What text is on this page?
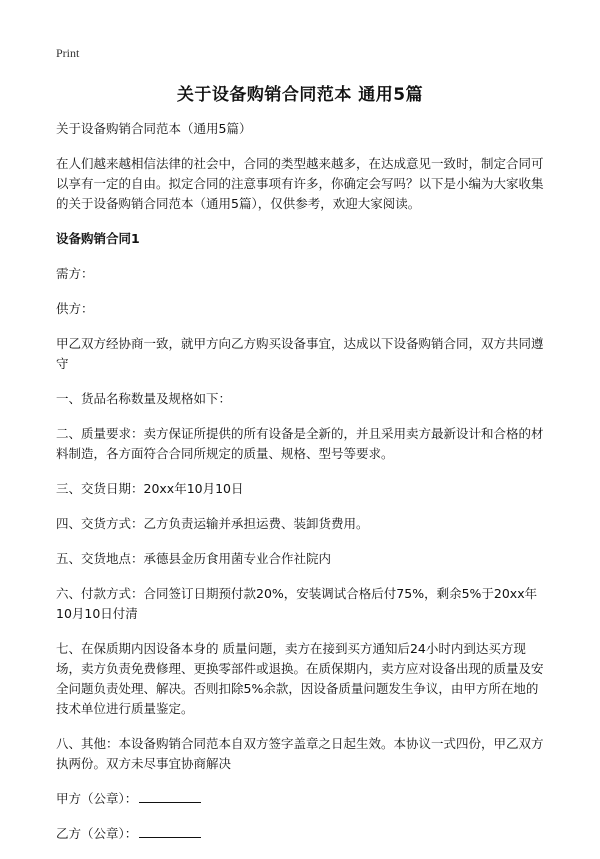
Print
关于设备购销合同范本 通用5篇

关于设备购销合同范本（通用5篇）

在人们越来越相信法律的社会中，合同的类型越来越多，在达成意见一致时，制定合同可以享有一定的自由。拟定合同的注意事项有许多，你确定会写吗？以下是小编为大家收集的关于设备购销合同范本（通用5篇），仅供参考，欢迎大家阅读。

设备购销合同1

需方：

供方：

甲乙双方经协商一致，就甲方向乙方购买设备事宜，达成以下设备购销合同，双方共同遵守

一、货品名称数量及规格如下：

二、质量要求：卖方保证所提供的所有设备是全新的，并且采用卖方最新设计和合格的材料制造，各方面符合合同所规定的质量、规格、型号等要求。

三、交货日期：20xx年10月10日

四、交货方式：乙方负责运输并承担运费、装卸货费用。

五、交货地点：承德县金历食用菌专业合作社院内

六、付款方式：合同签订日期预付款20%，安装调试合格后付75%，剩余5%于20xx年10月10日付清

七、在保质期内因设备本身的 质量问题，卖方在接到买方通知后24小时内到达买方现场，卖方负责免费修理、更换零部件或退换。在质保期内，卖方应对设备出现的质量及安全问题负责处理、解决。否则扣除5%余款，因设备质量问题发生争议，由甲方所在地的技术单位进行质量鉴定。

八、其他：本设备购销合同范本自双方签字盖章之日起生效。本协议一式四份，甲乙双方执两份。双方未尽事宜协商解决

甲方（公章）：

乙方（公章）：
